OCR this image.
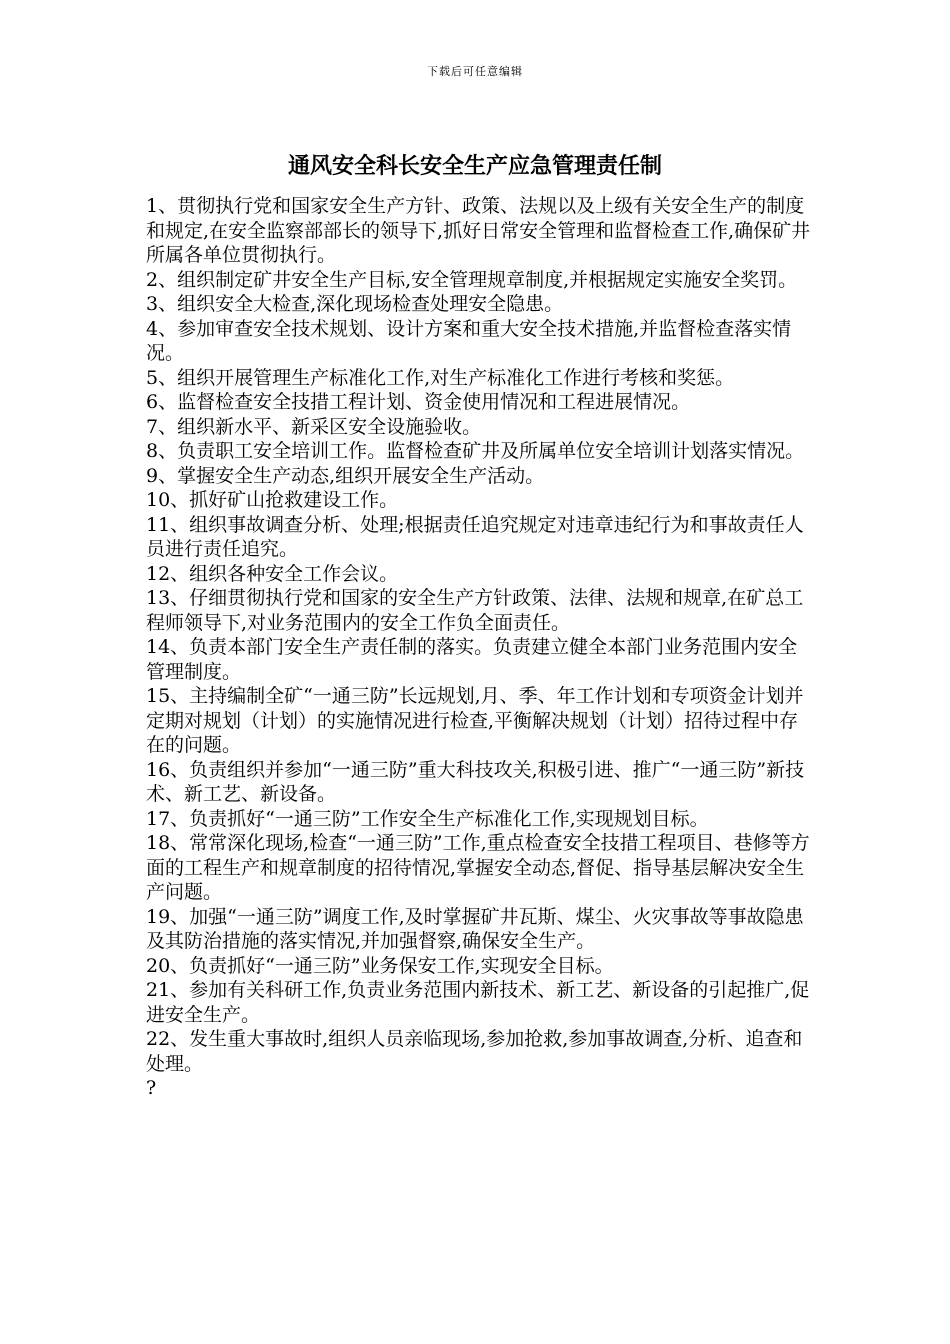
下载后可任意编辑
通风安全科长安全生产应急管理责任制

1、贯彻执行党和国家安全生产方针、政策、法规以及上级有关安全生产的制度和规定,在安全监察部部长的领导下,抓好日常安全管理和监督检查工作,确保矿井所属各单位贯彻执行。

2、组织制定矿井安全生产目标,安全管理规章制度,并根据规定实施安全奖罚。

3、组织安全大检查,深化现场检查处理安全隐患。

4、参加审查安全技术规划、设计方案和重大安全技术措施,并监督检查落实情况。

5、组织开展管理生产标准化工作,对生产标准化工作进行考核和奖惩。

6、监督检查安全技措工程计划、资金使用情况和工程进展情况。

7、组织新水平、新采区安全设施验收。

8、负责职工安全培训工作。监督检查矿井及所属单位安全培训计划落实情况。

9、掌握安全生产动态,组织开展安全生产活动。

10、抓好矿山抢救建设工作。

11、组织事故调查分析、处理;根据责任追究规定对违章违纪行为和事故责任人员进行责任追究。

12、组织各种安全工作会议。

13、仔细贯彻执行党和国家的安全生产方针政策、法律、法规和规章,在矿总工程师领导下,对业务范围内的安全工作负全面责任。

14、负责本部门安全生产责任制的落实。负责建立健全本部门业务范围内安全管理制度。

15、主持编制全矿“一通三防”长远规划,月、季、年工作计划和专项资金计划并定期对规划（计划）的实施情况进行检查,平衡解决规划（计划）招待过程中存在的问题。

16、负责组织并参加“一通三防”重大科技攻关,积极引进、推广“一通三防”新技术、新工艺、新设备。

17、负责抓好“一通三防”工作安全生产标准化工作,实现规划目标。

18、常常深化现场,检查“一通三防”工作,重点检查安全技措工程项目、巷修等方面的工程生产和规章制度的招待情况,掌握安全动态,督促、指导基层解决安全生产问题。

19、加强“一通三防”调度工作,及时掌握矿井瓦斯、煤尘、火灾事故等事故隐患及其防治措施的落实情况,并加强督察,确保安全生产。

20、负责抓好“一通三防”业务保安工作,实现安全目标。

21、参加有关科研工作,负责业务范围内新技术、新工艺、新设备的引起推广,促进安全生产。

22、发生重大事故时,组织人员亲临现场,参加抢救,参加事故调查,分析、追查和处理。

?
